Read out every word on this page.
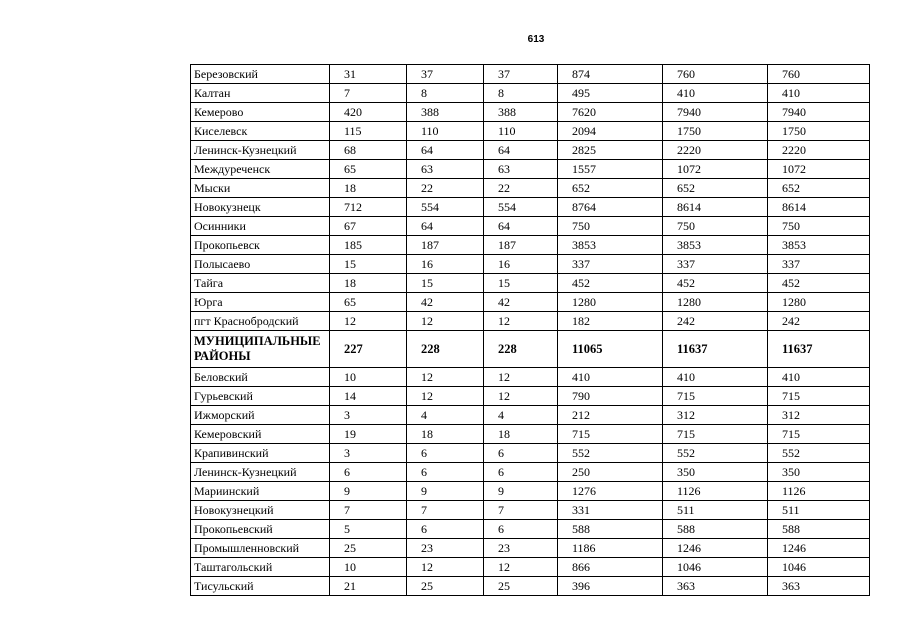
613
Березовский	31	37	37	874	760	760
Калтан	7	8	8	495	410	410
Кемерово	420	388	388	7620	7940	7940
Киселевск	115	110	110	2094	1750	1750
Ленинск-Кузнецкий	68	64	64	2825	2220	2220
Междуреченск	65	63	63	1557	1072	1072
Мыски	18	22	22	652	652	652
Новокузнецк	712	554	554	8764	8614	8614
Осинники	67	64	64	750	750	750
Прокопьевск	185	187	187	3853	3853	3853
Полысаево	15	16	16	337	337	337
Тайга	18	15	15	452	452	452
Юрга	65	42	42	1280	1280	1280
пгт Краснобродский	12	12	12	182	242	242
МУНИЦИПАЛЬНЫЕ РАЙОНЫ	227	228	228	11065	11637	11637
Беловский	10	12	12	410	410	410
Гурьевский	14	12	12	790	715	715
Ижморский	3	4	4	212	312	312
Кемеровский	19	18	18	715	715	715
Крапивинский	3	6	6	552	552	552
Ленинск-Кузнецкий	6	6	6	250	350	350
Мариинский	9	9	9	1276	1126	1126
Новокузнецкий	7	7	7	331	511	511
Прокопьевский	5	6	6	588	588	588
Промышленновский	25	23	23	1186	1246	1246
Таштагольский	10	12	12	866	1046	1046
Тисульский	21	25	25	396	363	363
